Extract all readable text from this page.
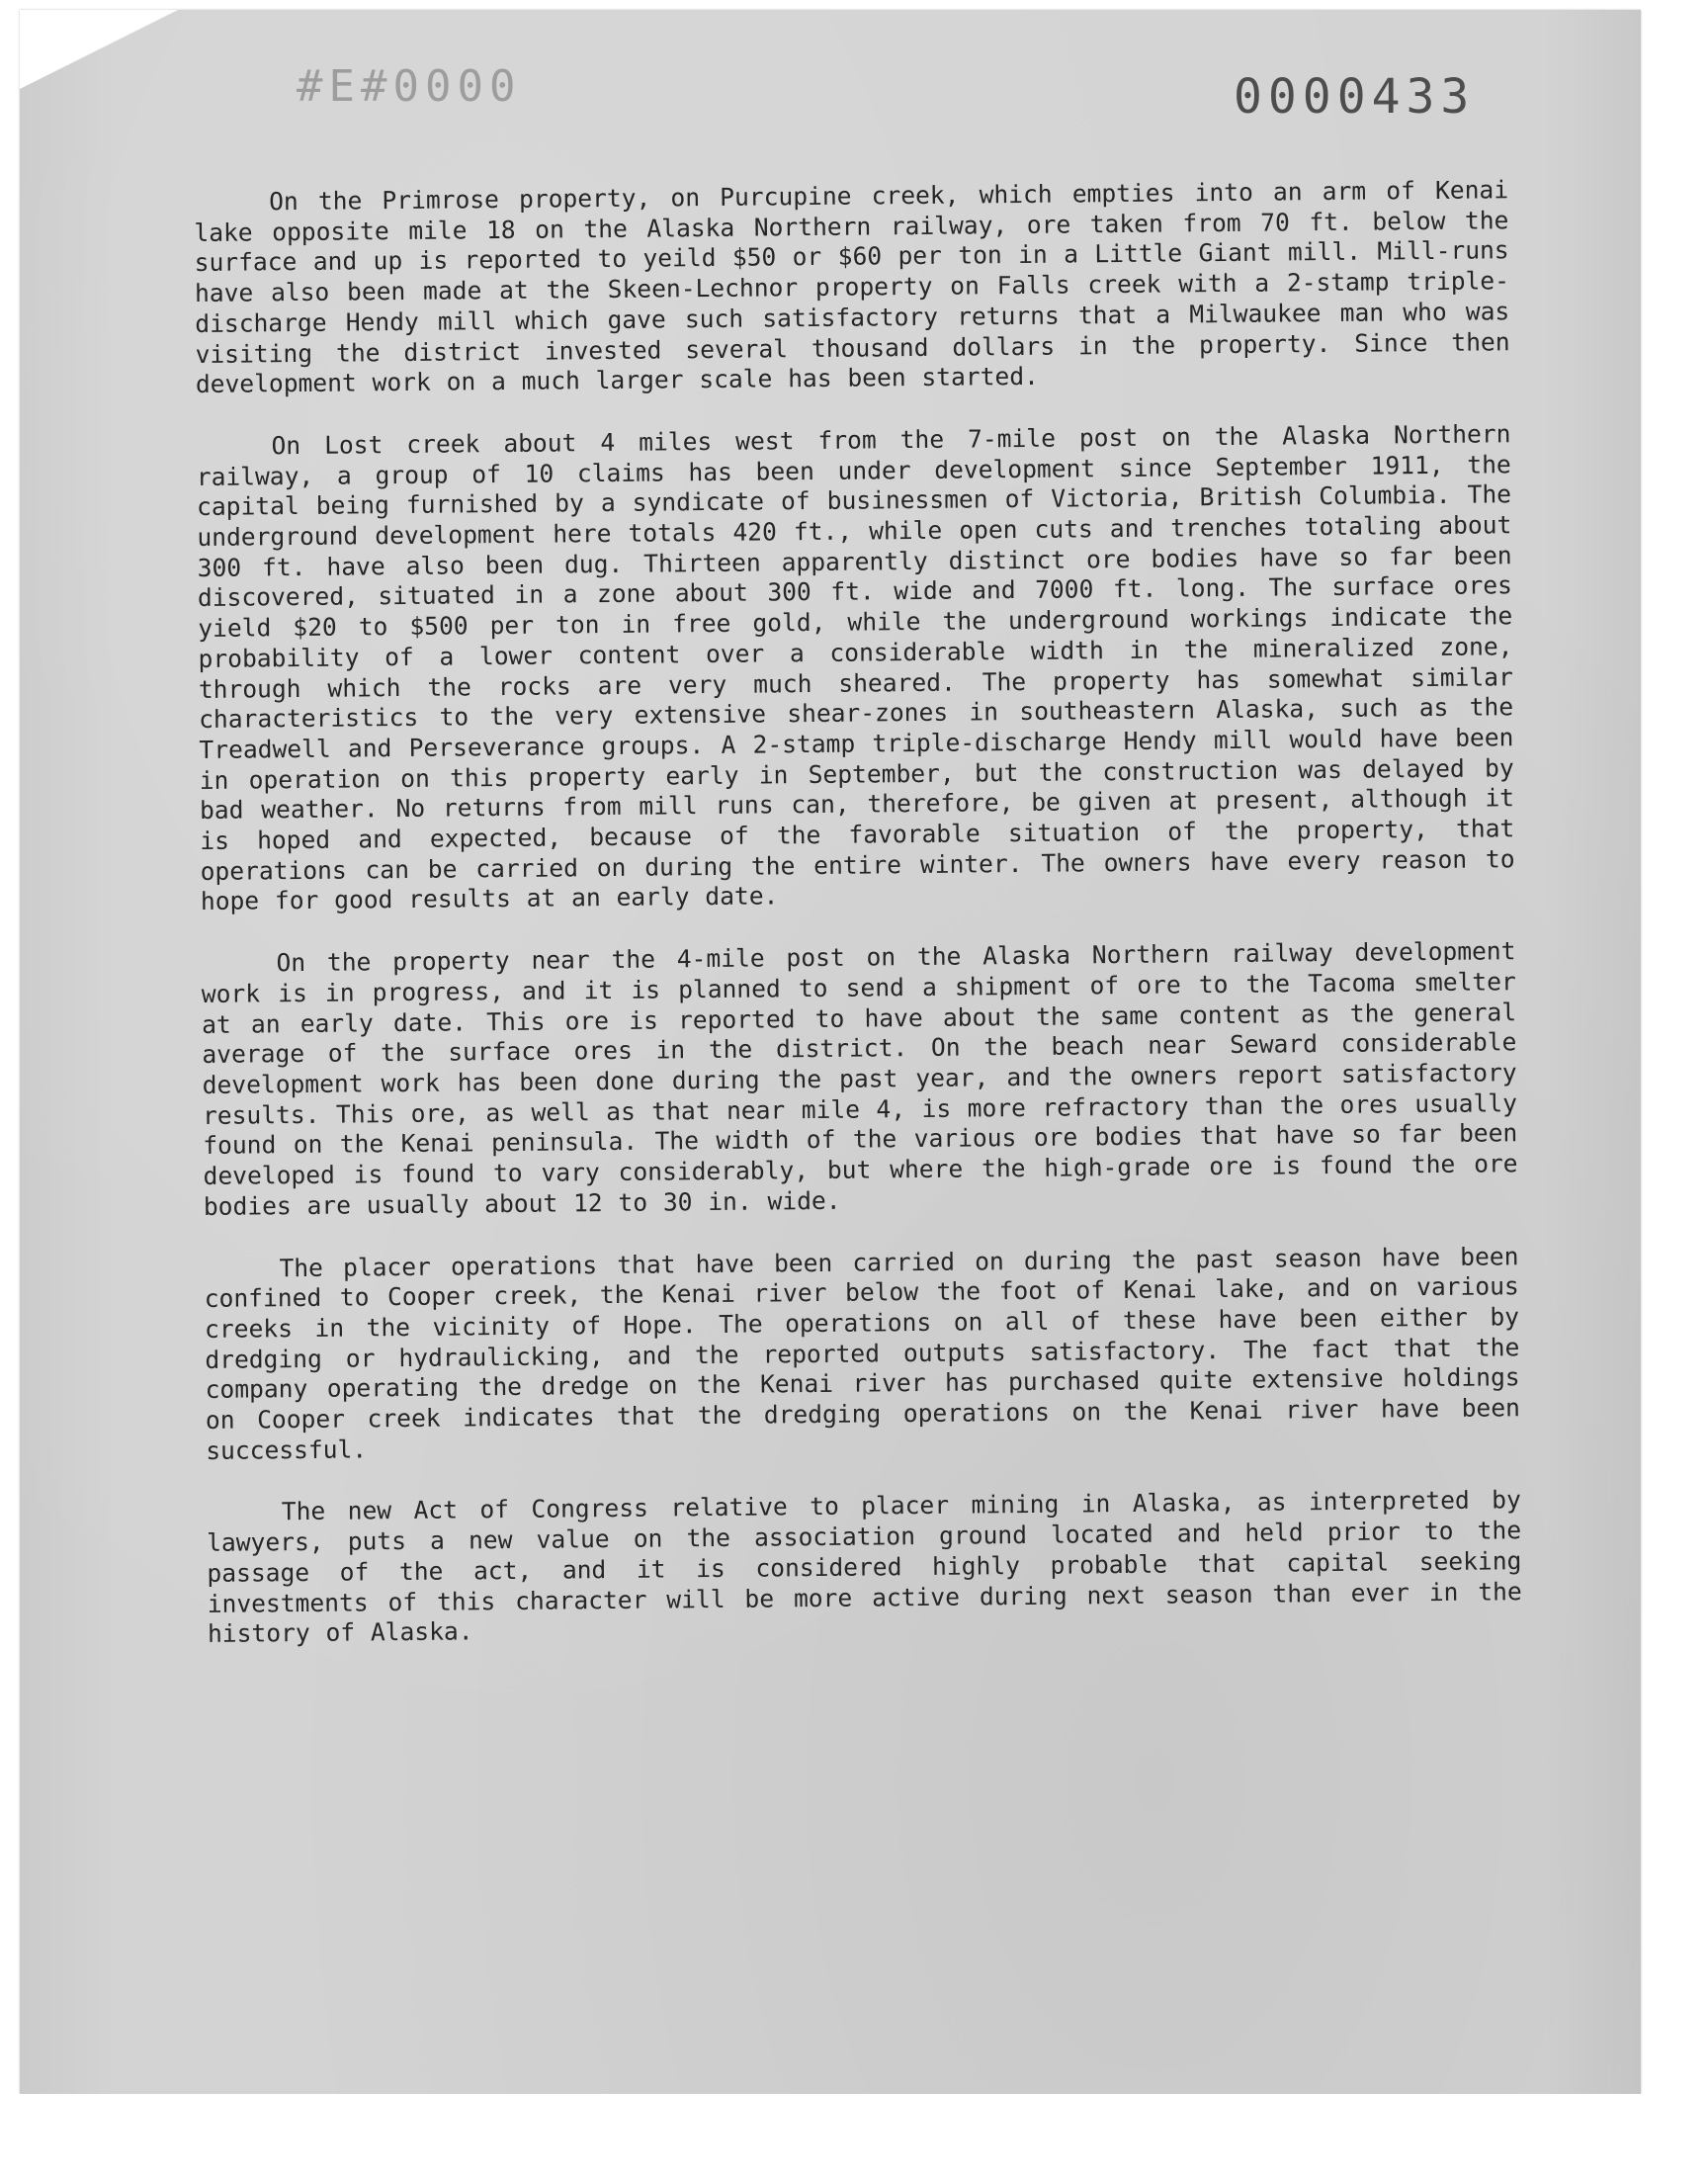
#E#0000	0000433

On the Primrose property, on Purcupine creek, which empties into an arm of Kenai lake opposite mile 18 on the Alaska Northern railway, ore taken from 70 ft. below the surface and up is reported to yeild $50 or $60 per ton in a Little Giant mill. Mill-runs have also been made at the Skeen-Lechnor property on Falls creek with a 2-stamp triple-discharge Hendy mill which gave such satisfactory returns that a Milwaukee man who was visiting the district invested several thousand dollars in the property. Since then development work on a much larger scale has been started.

On Lost creek about 4 miles west from the 7-mile post on the Alaska Northern railway, a group of 10 claims has been under development since September 1911, the capital being furnished by a syndicate of businessmen of Victoria, British Columbia. The underground development here totals 420 ft., while open cuts and trenches totaling about 300 ft. have also been dug. Thirteen apparently distinct ore bodies have so far been discovered, situated in a zone about 300 ft. wide and 7000 ft. long. The surface ores yield $20 to $500 per ton in free gold, while the underground workings indicate the probability of a lower content over a considerable width in the mineralized zone, through which the rocks are very much sheared. The property has somewhat similar characteristics to the very extensive shear-zones in southeastern Alaska, such as the Treadwell and Perseverance groups. A 2-stamp triple-discharge Hendy mill would have been in operation on this property early in September, but the construction was delayed by bad weather. No returns from mill runs can, therefore, be given at present, although it is hoped and expected, because of the favorable situation of the property, that operations can be carried on during the entire winter. The owners have every reason to hope for good results at an early date.

On the property near the 4-mile post on the Alaska Northern railway development work is in progress, and it is planned to send a shipment of ore to the Tacoma smelter at an early date. This ore is reported to have about the same content as the general average of the surface ores in the district. On the beach near Seward considerable development work has been done during the past year, and the owners report satisfactory results. This ore, as well as that near mile 4, is more refractory than the ores usually found on the Kenai peninsula. The width of the various ore bodies that have so far been developed is found to vary considerably, but where the high-grade ore is found the ore bodies are usually about 12 to 30 in. wide.

The placer operations that have been carried on during the past season have been confined to Cooper creek, the Kenai river below the foot of Kenai lake, and on various creeks in the vicinity of Hope. The operations on all of these have been either by dredging or hydraulicking, and the reported outputs satisfactory. The fact that the company operating the dredge on the Kenai river has purchased quite extensive holdings on Cooper creek indicates that the dredging operations on the Kenai river have been successful.

The new Act of Congress relative to placer mining in Alaska, as interpreted by lawyers, puts a new value on the association ground located and held prior to the passage of the act, and it is considered highly probable that capital seeking investments of this character will be more active during next season than ever in the history of Alaska.
